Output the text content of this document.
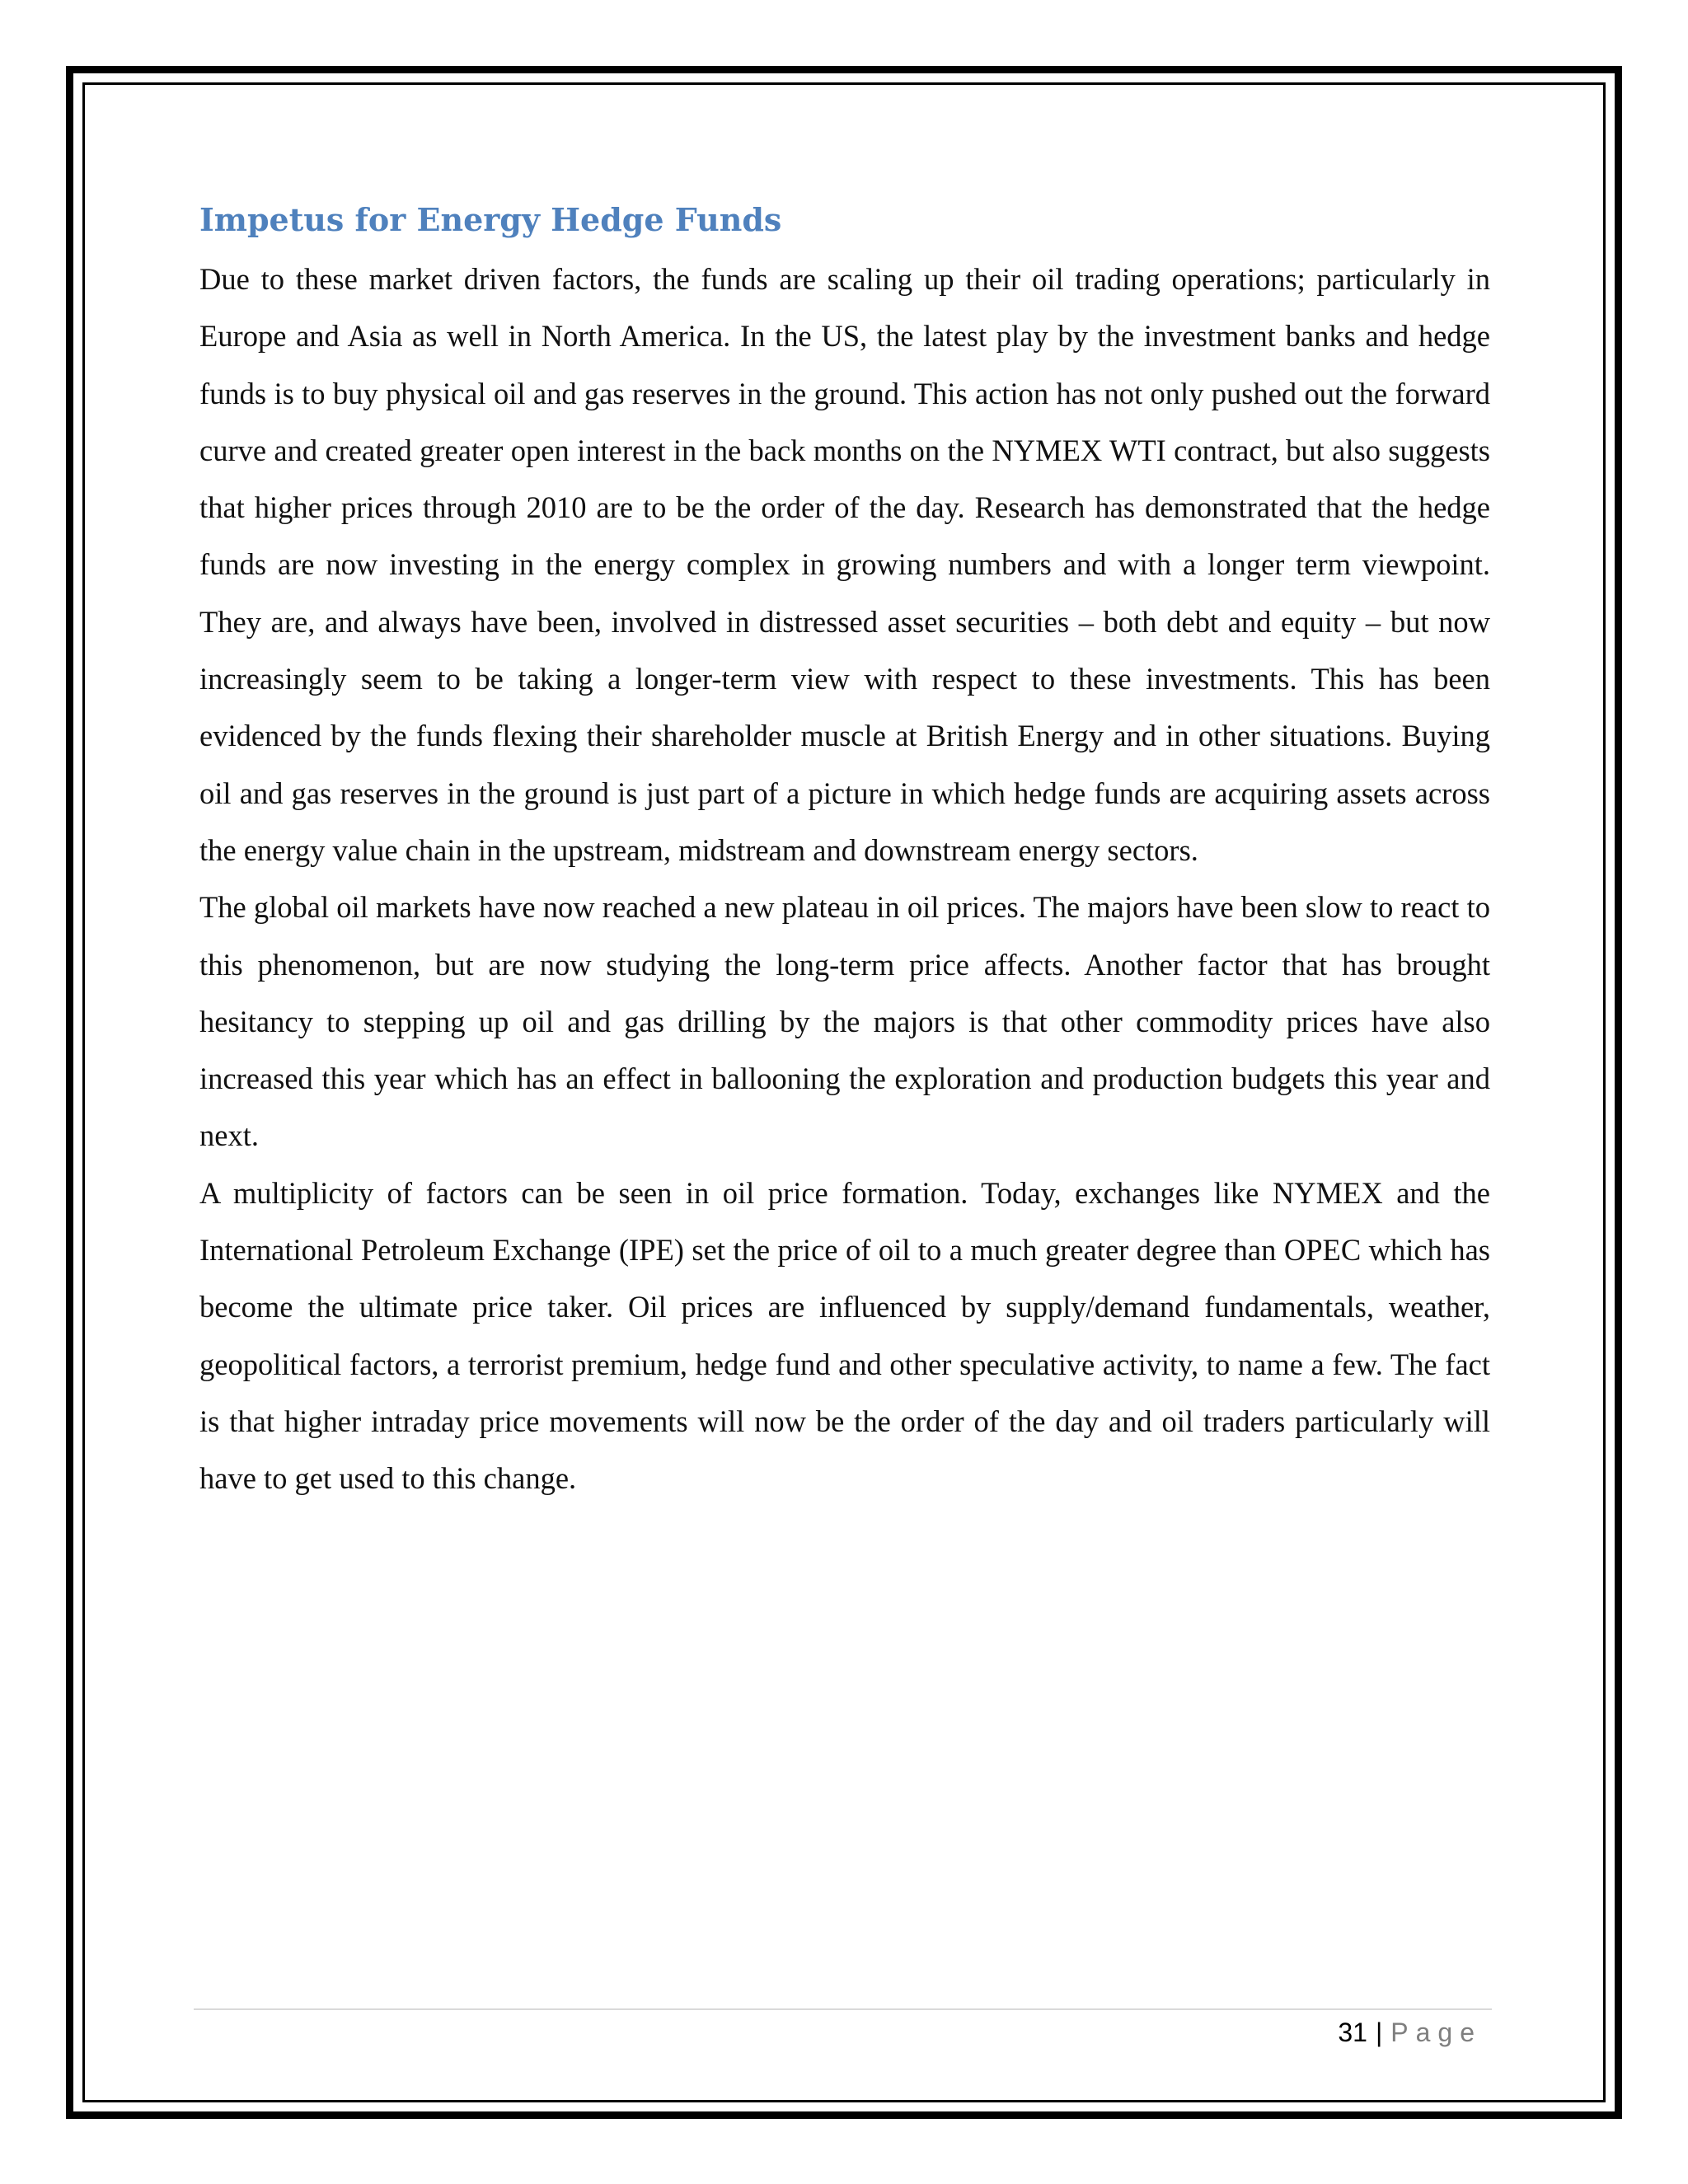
Impetus for Energy Hedge Funds

Due to these market driven factors, the funds are scaling up their oil trading operations; particularly in Europe and Asia as well in North America. In the US, the latest play by the investment banks and hedge funds is to buy physical oil and gas reserves in the ground. This action has not only pushed out the forward curve and created greater open interest in the back months on the NYMEX WTI contract, but also suggests that higher prices through 2010 are to be the order of the day. Research has demonstrated that the hedge funds are now investing in the energy complex in growing numbers and with a longer term viewpoint. They are, and always have been, involved in distressed asset securities – both debt and equity – but now increasingly seem to be taking a longer-term view with respect to these investments. This has been evidenced by the funds flexing their shareholder muscle at British Energy and in other situations. Buying oil and gas reserves in the ground is just part of a picture in which hedge funds are acquiring assets across the energy value chain in the upstream, midstream and downstream energy sectors.

The global oil markets have now reached a new plateau in oil prices. The majors have been slow to react to this phenomenon, but are now studying the long-term price affects. Another factor that has brought hesitancy to stepping up oil and gas drilling by the majors is that other commodity prices have also increased this year which has an effect in ballooning the exploration and production budgets this year and next.

A multiplicity of factors can be seen in oil price formation. Today, exchanges like NYMEX and the International Petroleum Exchange (IPE) set the price of oil to a much greater degree than OPEC which has become the ultimate price taker. Oil prices are influenced by supply/demand fundamentals, weather, geopolitical factors, a terrorist premium, hedge fund and other speculative activity, to name a few. The fact is that higher intraday price movements will now be the order of the day and oil traders particularly will have to get used to this change.

31 | Page
